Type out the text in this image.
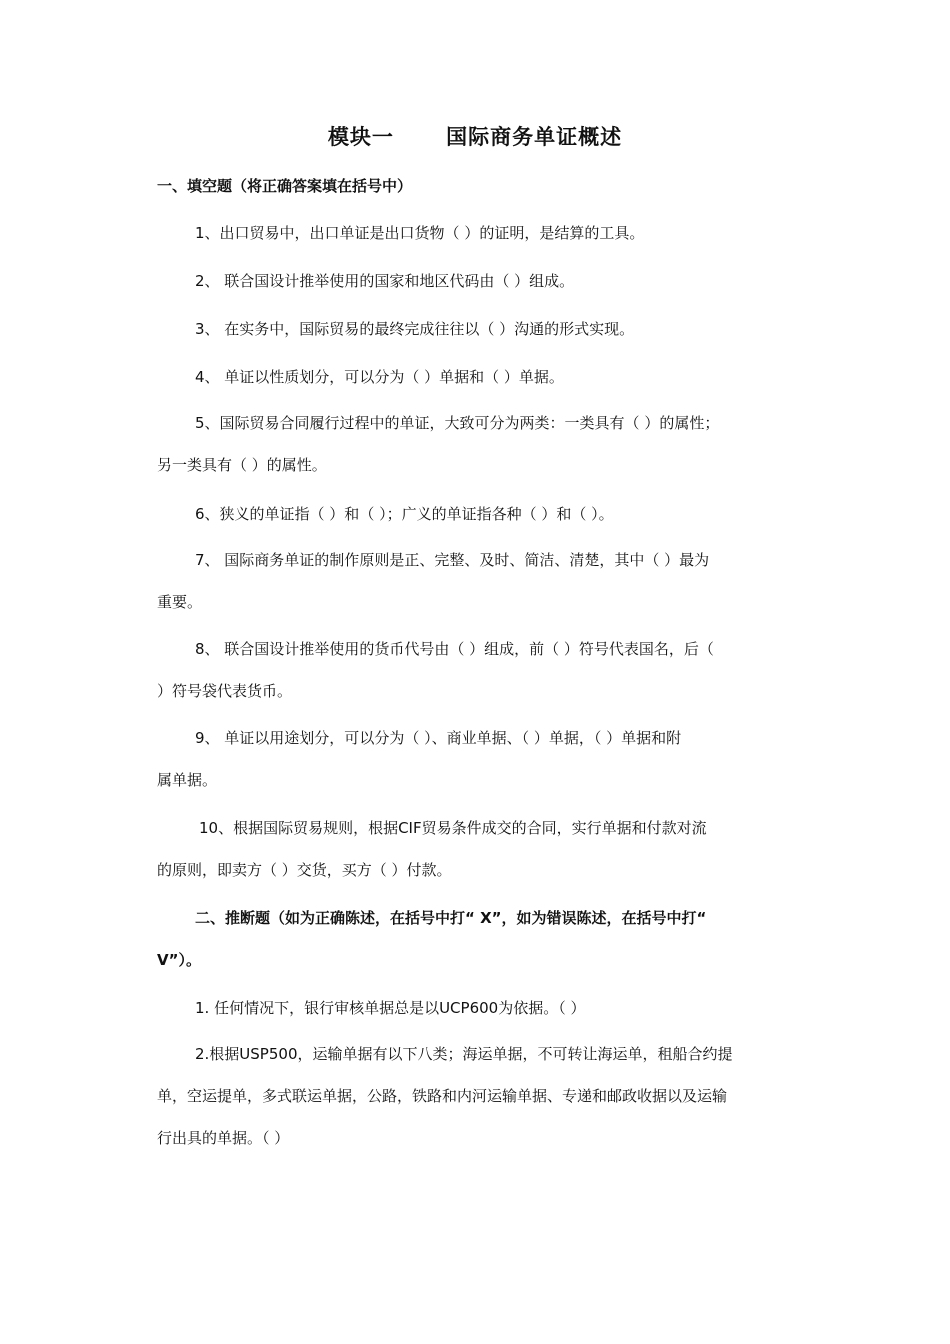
模块一　　 国际商务单证概述
一、填空题（将正确答案填在括号中）
1、出口贸易中，出口单证是出口货物（ ）的证明，是结算的工具。
2、 联合国设计推举使用的国家和地区代码由（ ）组成。
3、 在实务中，国际贸易的最终完成往往以（ ）沟通的形式实现。
4、 单证以性质划分，可以分为（ ）单据和（ ）单据。
5、国际贸易合同履行过程中的单证，大致可分为两类：一类具有（ ）的属性；
另一类具有（ ）的属性。
6、狭义的单证指（ ）和（ ）；广义的单证指各种（ ）和（ ）。
7、 国际商务单证的制作原则是正、完整、及时、简洁、清楚，其中（ ）最为
重要。
8、 联合国设计推举使用的货币代号由（ ）组成，前（ ）符号代表国名，后（
）符号袋代表货币。
9、 单证以用途划分，可以分为（ ）、商业单据、（ ）单据，（ ）单据和附
属单据。
10、根据国际贸易规则，根据CIF贸易条件成交的合同，实行单据和付款对流
的原则，即卖方（ ）交货，买方（ ）付款。
二、推断题（如为正确陈述，在括号中打“ X”，如为错误陈述，在括号中打“
V”）。
1. 任何情况下，银行审核单据总是以UCP600为依据。（ ）
2.根据USP500，运输单据有以下八类；海运单据，不可转让海运单，租船合约提
单，空运提单，多式联运单据，公路，铁路和内河运输单据、专递和邮政收据以及运输
行出具的单据。（ ）
